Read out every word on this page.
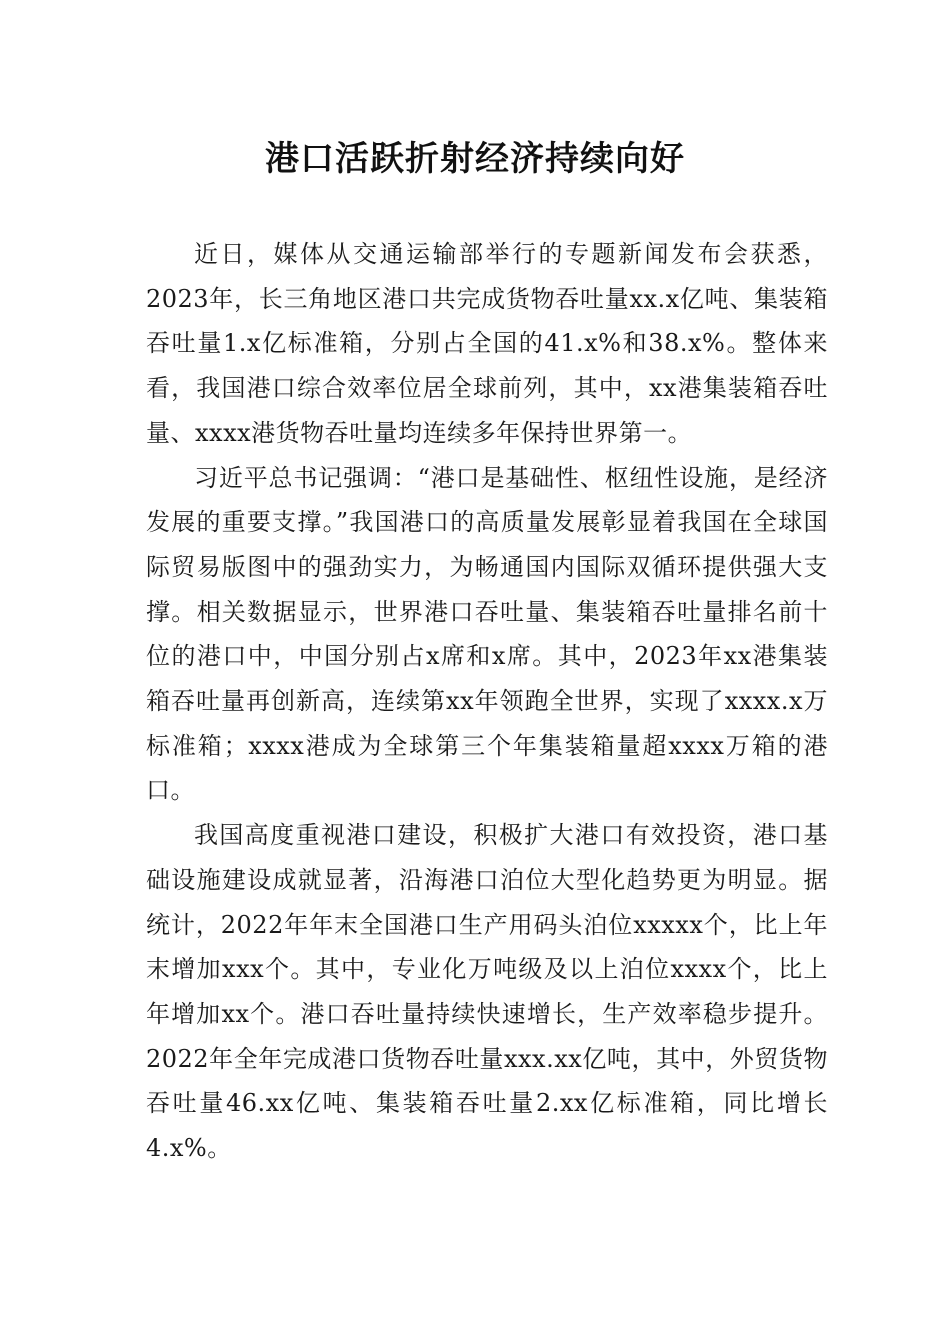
港口活跃折射经济持续向好

近日，媒体从交通运输部举行的专题新闻发布会获悉，2023年，长三角地区港口共完成货物吞吐量xx.x亿吨、集装箱吞吐量1.x亿标准箱，分别占全国的41.x%和38.x%。整体来看，我国港口综合效率位居全球前列，其中，xx港集装箱吞吐量、xxxx港货物吞吐量均连续多年保持世界第一。

习近平总书记强调：“港口是基础性、枢纽性设施，是经济发展的重要支撑。”我国港口的高质量发展彰显着我国在全球国际贸易版图中的强劲实力，为畅通国内国际双循环提供强大支撑。相关数据显示，世界港口吞吐量、集装箱吞吐量排名前十位的港口中，中国分别占x席和x席。其中，2023年xx港集装箱吞吐量再创新高，连续第xx年领跑全世界，实现了xxxx.x万标准箱；xxxx港成为全球第三个年集装箱量超xxxx万箱的港口。

我国高度重视港口建设，积极扩大港口有效投资，港口基础设施建设成就显著，沿海港口泊位大型化趋势更为明显。据统计，2022年年末全国港口生产用码头泊位xxxxx个，比上年末增加xxx个。其中，专业化万吨级及以上泊位xxxx个，比上年增加xx个。港口吞吐量持续快速增长，生产效率稳步提升。2022年全年完成港口货物吞吐量xxx.xx亿吨，其中，外贸货物吞吐量46.xx亿吨、集装箱吞吐量2.xx亿标准箱，同比增长4.x%。
